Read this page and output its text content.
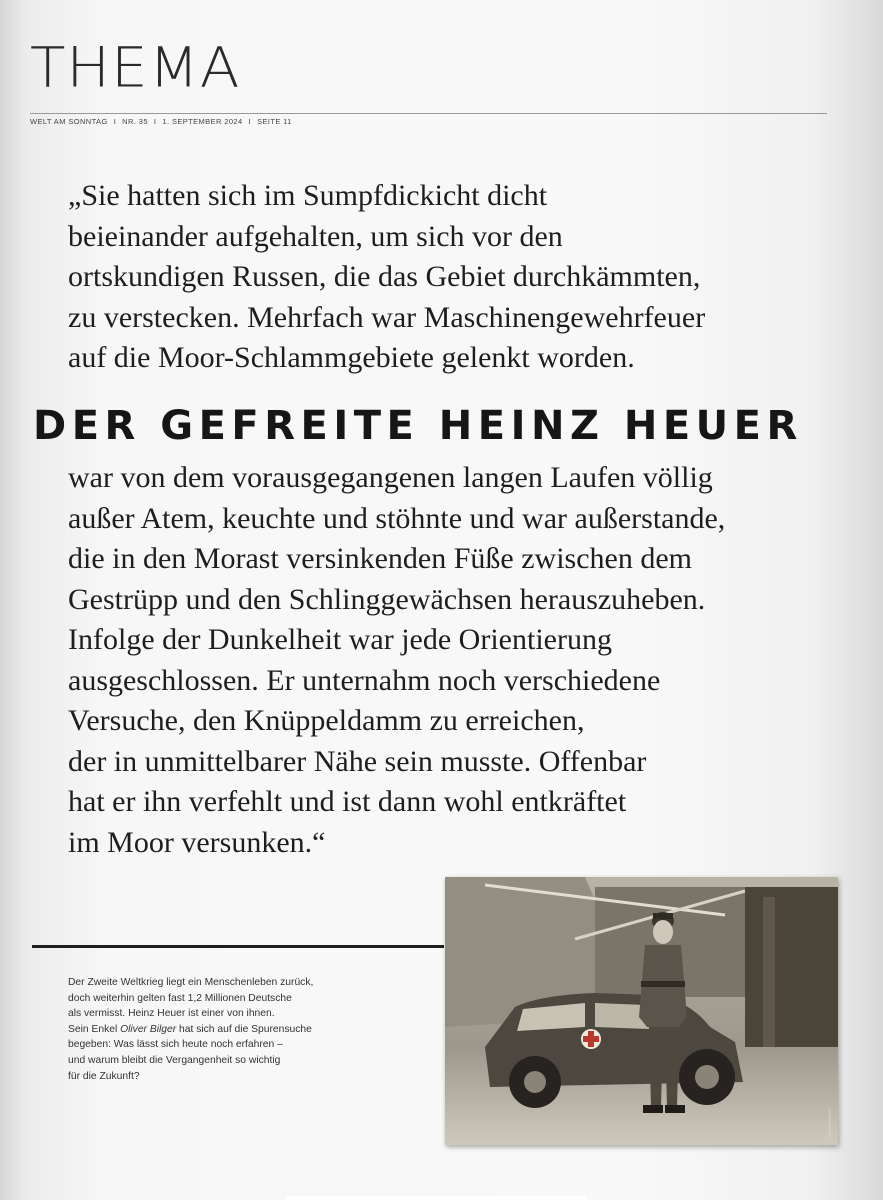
THEMA
WELT AM SONNTAG I NR. 35 I 1. SEPTEMBER 2024 I SEITE 11
„Sie hatten sich im Sumpfdickicht dicht
beieinander aufgehalten, um sich vor den
ortskundigen Russen, die das Gebiet durchkämmten,
zu verstecken. Mehrfach war Maschinengewehrfeuer
auf die Moor-Schlammgebiete gelenkt worden.
DER GEFREITE HEINZ HEUER
war von dem vorausgegangenen langen Laufen völlig
außer Atem, keuchte und stöhnte und war außerstande,
die in den Morast versinkenden Füße zwischen dem
Gestrüpp und den Schlinggewächsen herauszuheben.
Infolge der Dunkelheit war jede Orientierung
ausgeschlossen. Er unternahm noch verschiedene
Versuche, den Knüppeldamm zu erreichen,
der in unmittelbarer Nähe sein musste. Offenbar
hat er ihn verfehlt und ist dann wohl entkräftet
im Moor versunken.“
Der Zweite Weltkrieg liegt ein Menschenleben zurück,
doch weiterhin gelten fast 1,2 Millionen Deutsche
als vermisst. Heinz Heuer ist einer von ihnen.
Sein Enkel Oliver Bilger hat sich auf die Spurensuche
begeben: Was lässt sich heute noch erfahren –
und warum bleibt die Vergangenheit so wichtig
für die Zukunft?
PRIVAT/BILGER
